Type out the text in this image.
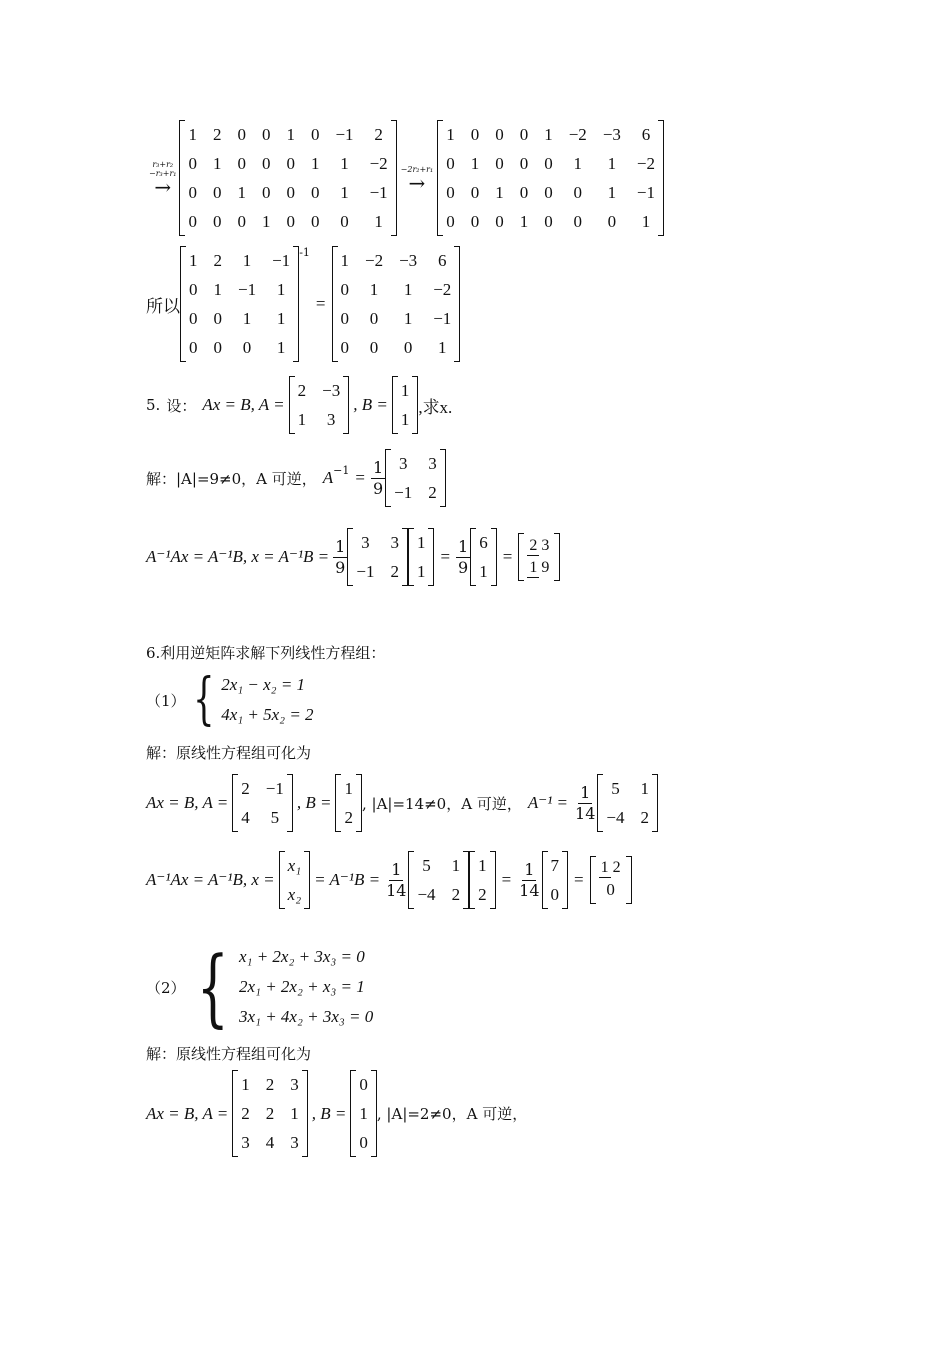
r₃+r₂
−r₃+r₁
→
1 2 0 0 1 0 −1 2
0 1 0 0 0 1 1 −2
0 0 1 0 0 0 1 −1
0 0 0 1 0 0 0 1
−2r₂+r₁
→
1 0 0 0 1 −2 −3 6
0 1 0 0 0 1 1 −2
0 0 1 0 0 0 1 −1
0 0 0 1 0 0 0 1
所以
1 2 1 −1
0 1 −1 1
0 0 1 1
0 0 0 1
-1
=
1 −2 −3 6
0 1 1 −2
0 0 1 −1
0 0 0 1
5. 设： Ax = B, A =
2 −3
1 3
, B =
1
1
,求x.
解：|A|=9≠0，A 可逆， $A -1 = \frac{1}{9} 3$ 3
−1 2
A⁻¹Ax = A⁻¹B, $x = A^{-1}B = \frac{1}{9} 3$ 3
−1 2
1
1
= $\frac{1}{9} 6$
1
=
2 3
1 9
6.利用逆矩阵求解下列线性方程组：
（1） { 2x₁ − x₂ = 1
4x₁ + 5x₂ = 2
解：原线性方程组可化为
Ax = B, A =
2 −1
4 5
, B =
1
2
, |A|=14≠0，A 可逆， $A^{-1} = \frac{1}{14} 5$ 1
−4 2
A⁻¹Ax = A⁻¹B, x =
x₁
x₂
= $A^{-1}B = \frac{1}{14} 5$ 1
−4 2
1
2
= $\frac{1}{14} 7$
0
=
1 2
0
（2） { x₁ + 2x₂ + 3x₃ = 0
2x₁ + 2x₂ + x₃ = 1
3x₁ + 4x₂ + 3x₃ = 0
解：原线性方程组可化为
Ax = B, A =
1 2 3
2 2 1
3 4 3
, B =
0
1
0
, |A|=2≠0，A 可逆，
